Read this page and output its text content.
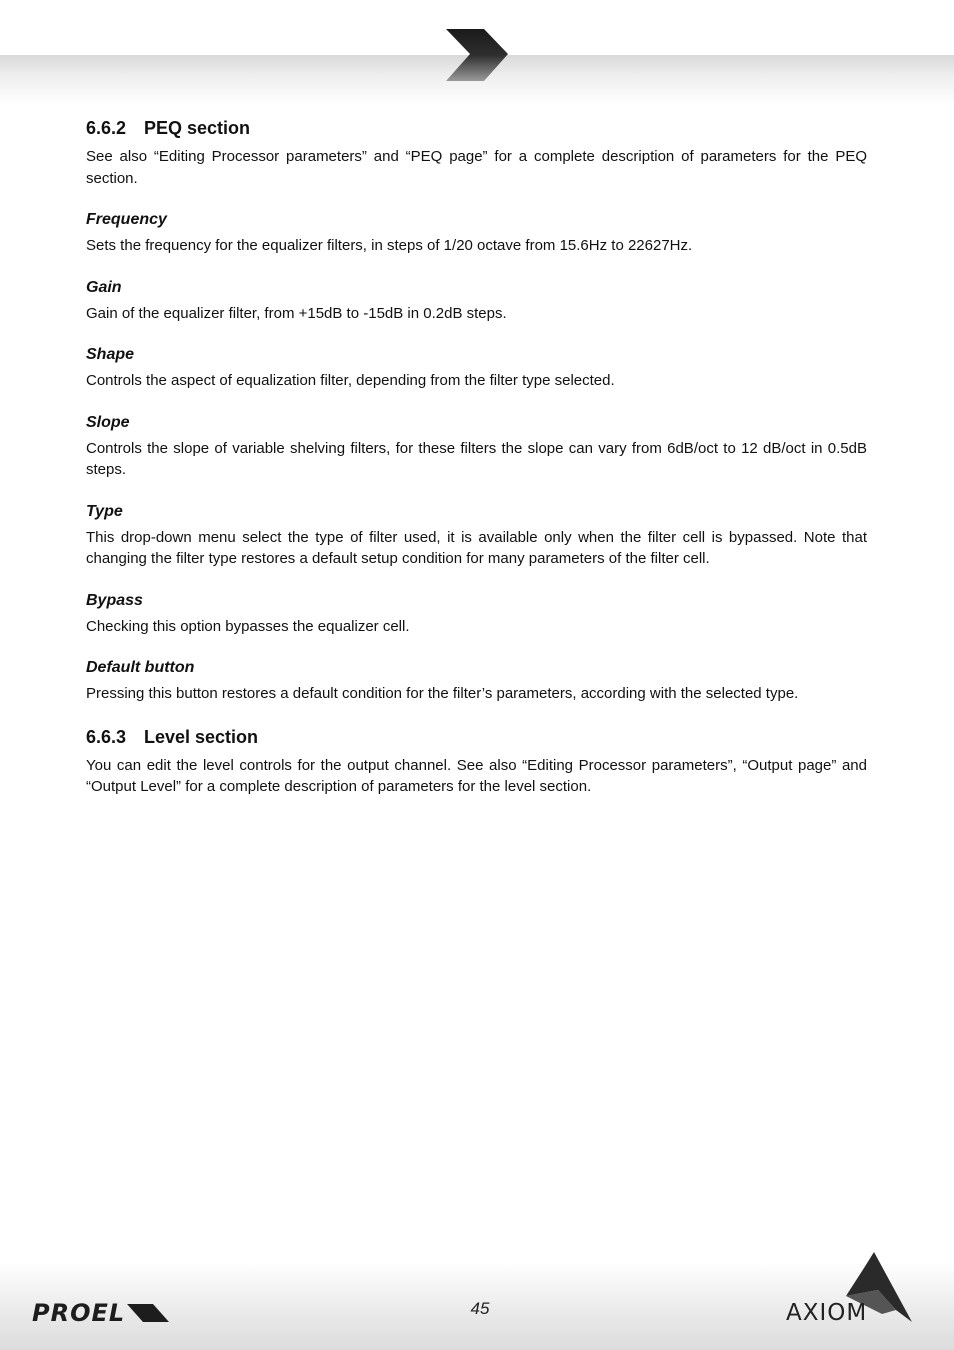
6.6.2 PEQ section

See also “Editing Processor parameters” and “PEQ page” for a complete description of parameters for the PEQ section.

Frequency

Sets the frequency for the equalizer filters, in steps of 1/20 octave from 15.6Hz to 22627Hz.

Gain

Gain of the equalizer filter, from +15dB to -15dB in 0.2dB steps.

Shape

Controls the aspect of equalization filter, depending from the filter type selected.

Slope

Controls the slope of variable shelving filters, for these filters the slope can vary from 6dB/oct to 12 dB/oct in 0.5dB steps.

Type

This drop-down menu select the type of filter used, it is available only when the filter cell is bypassed. Note that changing the filter type restores a default setup condition for many parameters of the filter cell.

Bypass

Checking this option bypasses the equalizer cell.

Default button

Pressing this button restores a default condition for the filter’s parameters, according with the selected type.

6.6.3 Level section

You can edit the level controls for the output channel. See also “Editing Processor parameters”, “Output page” and “Output Level” for a complete description of parameters for the level section.

PROEL	45	AXIOM
